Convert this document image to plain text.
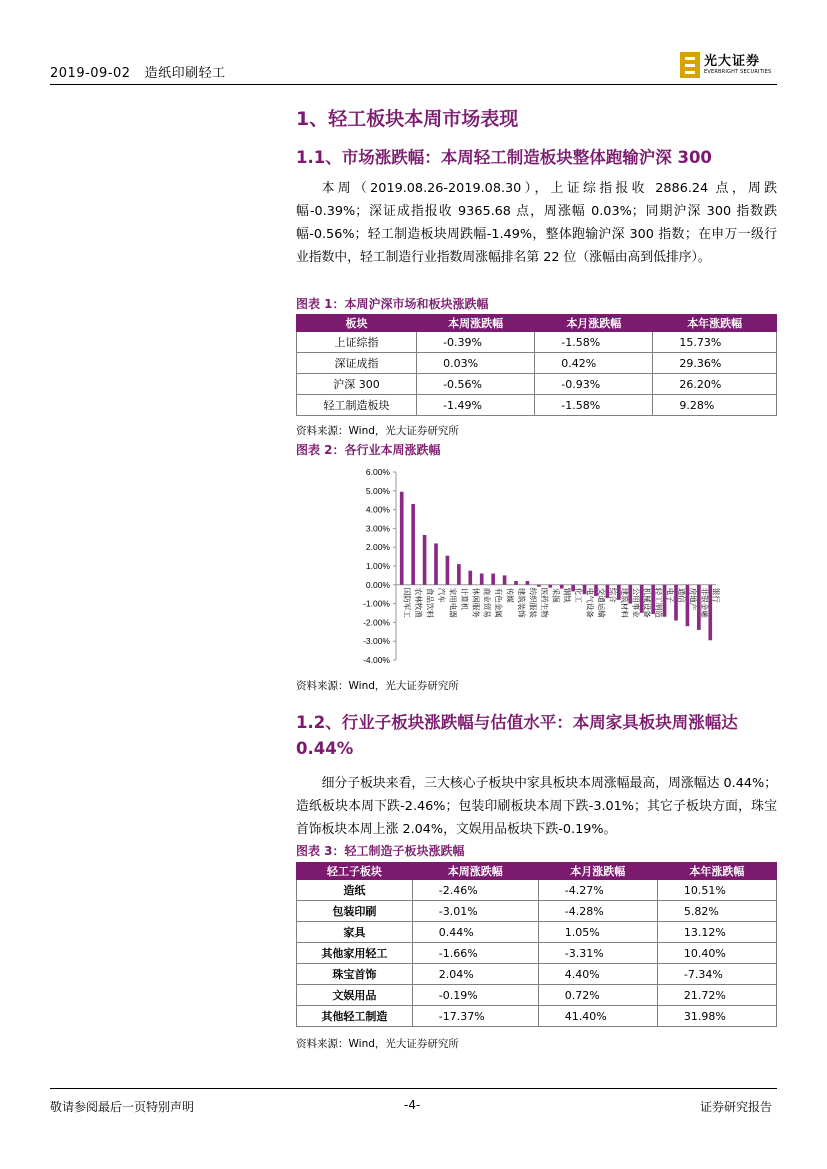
2019-09-02 造纸印刷轻工
光大证券
EVERBRIGHT SECURITIES
1、轻工板块本周市场表现
1.1、市场涨跌幅：本周轻工制造板块整体跑输沪深 300
本周（2019.08.26-2019.08.30），上证综指报收 2886.24 点，周跌幅-0.39%；深证成指报收 9365.68 点，周涨幅 0.03%；同期沪深 300 指数跌幅-0.56%；轻工制造板块周跌幅-1.49%，整体跑输沪深 300 指数；在申万一级行业指数中，轻工制造行业指数周涨幅排名第 22 位（涨幅由高到低排序）。
图表 1：本周沪深市场和板块涨跌幅
板块	本周涨跌幅	本月涨跌幅	本年涨跌幅
上证综指	-0.39%	-1.58%	15.73%
深证成指	0.03%	0.42%	29.36%
沪深 300	-0.56%	-0.93%	26.20%
轻工制造板块	-1.49%	-1.58%	9.28%
资料来源：Wind，光大证券研究所
图表 2：各行业本周涨跌幅
6.00%
5.00%
4.00%
3.00%
2.00%
1.00%
0.00%
-1.00%
-2.00%
-3.00%
-4.00%
国防军工 农林牧渔 食品饮料 汽车 家用电器 计算机 休闲服务 商业贸易 有色金属 传媒 建筑装饰 纺织服装 医药生物 采掘 钢铁 化工 电气设备 交通运输 综合 建筑材料 公用事业 机械设备 轻工制造 电子 通信 房地产 非银金融 银行
资料来源：Wind，光大证券研究所
1.2、行业子板块涨跌幅与估值水平：本周家具板块周涨幅达 0.44%
细分子板块来看，三大核心子板块中家具板块本周涨幅最高，周涨幅达 0.44%；造纸板块本周下跌-2.46%；包装印刷板块本周下跌-3.01%；其它子板块方面，珠宝首饰板块本周上涨 2.04%，文娱用品板块下跌-0.19%。
图表 3：轻工制造子板块涨跌幅
轻工子板块	本周涨跌幅	本月涨跌幅	本年涨跌幅
造纸	-2.46%	-4.27%	10.51%
包装印刷	-3.01%	-4.28%	5.82%
家具	0.44%	1.05%	13.12%
其他家用轻工	-1.66%	-3.31%	10.40%
珠宝首饰	2.04%	4.40%	-7.34%
文娱用品	-0.19%	0.72%	21.72%
其他轻工制造	-17.37%	41.40%	31.98%
资料来源：Wind，光大证券研究所
敬请参阅最后一页特别声明	-4-	证券研究报告
